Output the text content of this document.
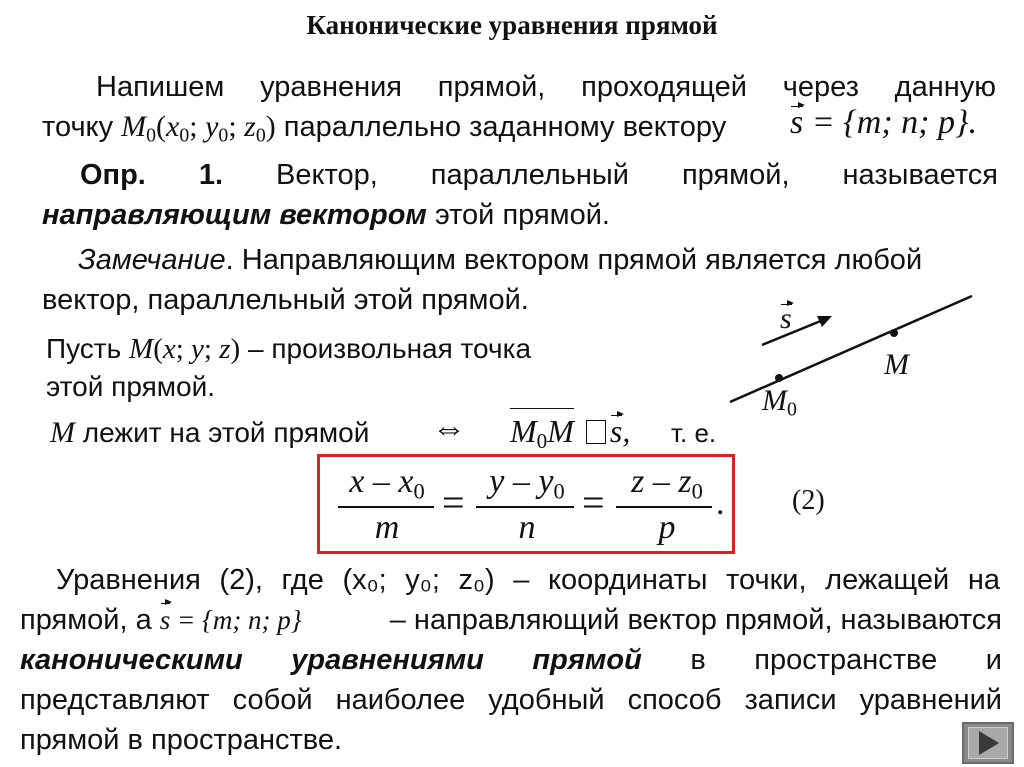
Канонические уравнения прямой
Напишем уравнения прямой, проходящей через данную
точку $M_0(x_0$; $y_0$; $z_0$) параллельно заданному вектору s = {m; n; p}.
Опр. 1. Вектор, параллельный прямой, называется
направляющим вектором этой прямой.
Замечание. Направляющим вектором прямой является любой
вектор, параллельный этой прямой.
Пусть M(x; y; z) – произвольная точка
этой прямой.
s
M
$M_0$
M лежит на этой прямой ⇔ $M_0M$ s, т. е.
x – $x_0$
m
= y – $y_0$
n
= z – $z_0$
p
. (2)
Уравнения (2), где (x₀; y₀; z₀) – координаты точки, лежащей на
прямой, а s = {m; n; p}	– направляющий вектор прямой, называются
каноническими уравнениями прямой в пространстве и
представляют собой наиболее удобный способ записи уравнений
прямой в пространстве.
